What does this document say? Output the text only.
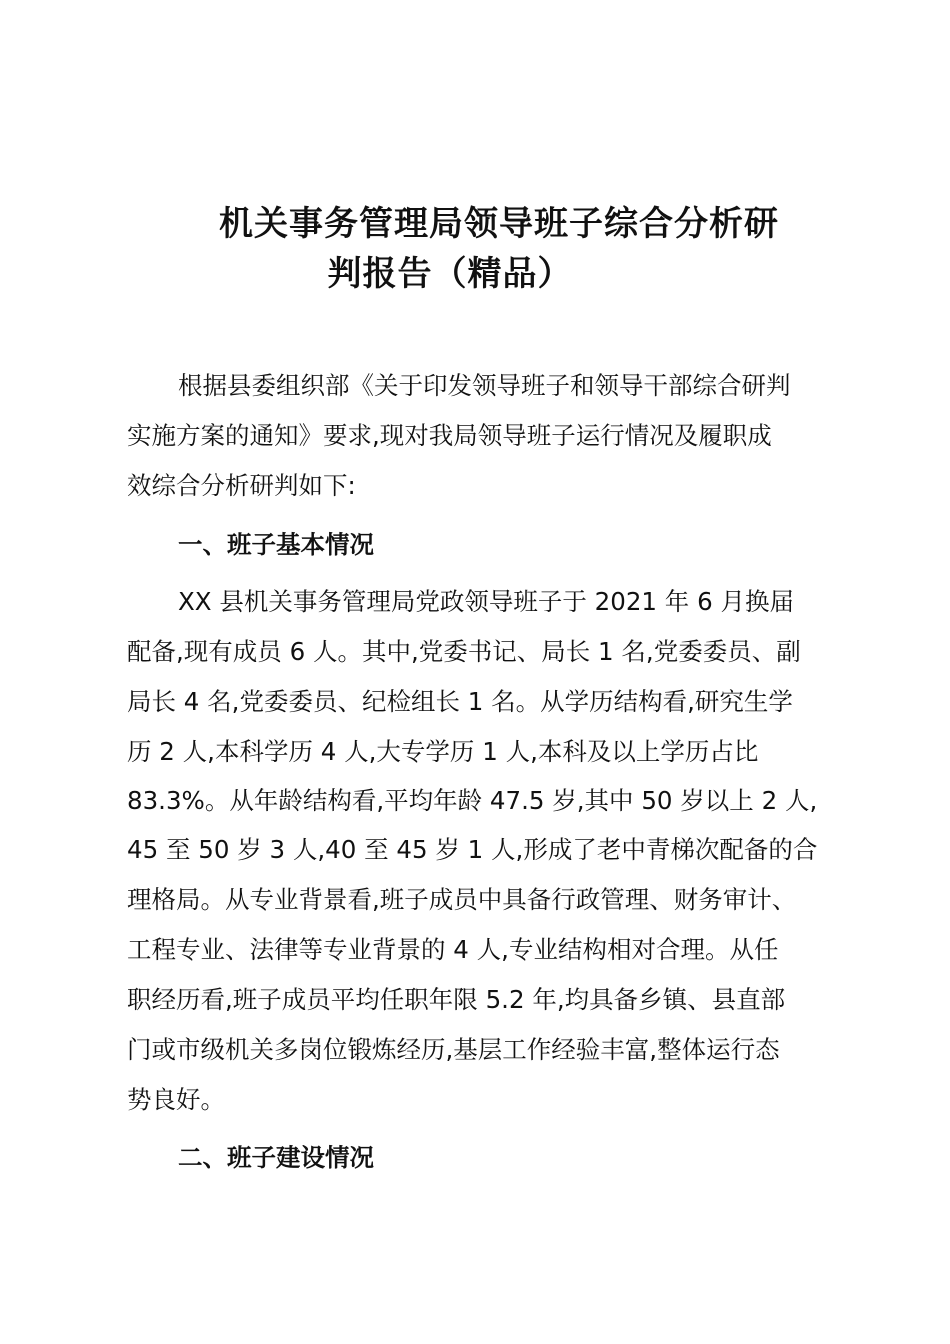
机关事务管理局领导班子综合分析研
判报告（精品）

根据县委组织部《关于印发领导班子和领导干部综合研判

实施方案的通知》要求,现对我局领导班子运行情况及履职成

效综合分析研判如下:

一、班子基本情况

XX 县机关事务管理局党政领导班子于 2021 年 6 月换届

配备,现有成员 6 人。其中,党委书记、局长 1 名,党委委员、副

局长 4 名,党委委员、纪检组长 1 名。从学历结构看,研究生学

历 2 人,本科学历 4 人,大专学历 1 人,本科及以上学历占比

83.3%。从年龄结构看,平均年龄 47.5 岁,其中 50 岁以上 2 人,

45 至 50 岁 3 人,40 至 45 岁 1 人,形成了老中青梯次配备的合

理格局。从专业背景看,班子成员中具备行政管理、财务审计、

工程专业、法律等专业背景的 4 人,专业结构相对合理。从任

职经历看,班子成员平均任职年限 5.2 年,均具备乡镇、县直部

门或市级机关多岗位锻炼经历,基层工作经验丰富,整体运行态

势良好。

二、班子建设情况
